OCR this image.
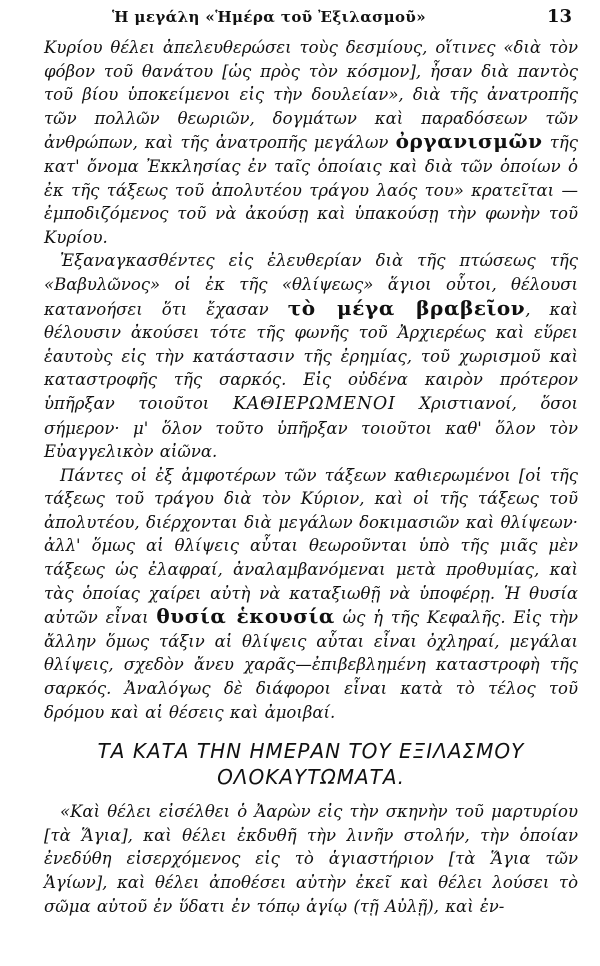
Ἡ μεγάλη «Ἡμέρα τοῦ Ἐξιλασμοῦ»	13

Κυρίου θέλει ἀπελευθερώσει τοὺς δεσμίους, οἵτινες «διὰ τὸν φόβον τοῦ θανάτου [ὡς πρὸς τὸν κόσμον], ἦσαν διὰ παντὸς τοῦ βίου ὑποκείμενοι εἰς τὴν δουλείαν», διὰ τῆς ἀνατροπῆς τῶν πολλῶν θεωριῶν, δογμάτων καὶ παραδόσεων τῶν ἀνθρώπων, καὶ τῆς ἀνατροπῆς μεγάλων ὀργανισμῶν τῆς κατ' ὄνομα Ἐκκλησίας ἐν ταῖς ὁποίαις καὶ διὰ τῶν ὁποίων ὁ ἐκ τῆς τάξεως τοῦ ἀπολυτέου τράγου λαός του» κρατεῖται —ἐμποδιζόμενος τοῦ νὰ ἀκούσῃ καὶ ὑπακούσῃ τὴν φωνὴν τοῦ Κυρίου.

Ἐξαναγκασθέντες εἰς ἐλευθερίαν διὰ τῆς πτώσεως τῆς «Βαβυλῶνος» οἱ ἐκ τῆς «θλίψεως» ἅγιοι οὗτοι, θέλουσι κατανοήσει ὅτι ἔχασαν τὸ μέγα βραβεῖον, καὶ θέλουσιν ἀκούσει τότε τῆς φωνῆς τοῦ Ἀρχιερέως καὶ εὕρει ἑαυτοὺς εἰς τὴν κατάστασιν τῆς ἐρημίας, τοῦ χωρισμοῦ καὶ καταστροφῆς τῆς σαρκός. Εἰς οὐδένα καιρὸν πρότερον ὑπῆρξαν τοιοῦτοι ΚΑΘΙΕΡΩΜΕΝΟΙ Χριστιανοί, ὅσοι σήμερον· μ' ὅλον τοῦτο ὑπῆρξαν τοιοῦτοι καθ' ὅλον τὸν Εὐαγγελικὸν αἰῶνα.

Πάντες οἱ ἐξ ἀμφοτέρων τῶν τάξεων καθιερωμένοι [οἱ τῆς τάξεως τοῦ τράγου διὰ τὸν Κύριον, καὶ οἱ τῆς τάξεως τοῦ ἀπολυτέου, διέρχονται διὰ μεγάλων δοκιμασιῶν καὶ θλίψεων· ἀλλ' ὅμως αἱ θλίψεις αὗται θεωροῦνται ὑπὸ τῆς μιᾶς μὲν τάξεως ὡς ἐλαφραί, ἀναλαμβανόμεναι μετὰ προθυμίας, καὶ τὰς ὁποίας χαίρει αὐτὴ νὰ καταξιωθῇ νὰ ὑποφέρῃ. Ἡ θυσία αὐτῶν εἶναι θυσία ἑκουσία ὡς ἡ τῆς Κεφαλῆς. Εἰς τὴν ἄλλην ὅμως τάξιν αἱ θλίψεις αὗται εἶναι ὀχληραί, μεγάλαι θλίψεις, σχεδὸν ἄνευ χαρᾶς—ἐπιβεβλημένη καταστροφὴ τῆς σαρκός. Ἀναλόγως δὲ διάφοροι εἶναι κατὰ τὸ τέλος τοῦ δρόμου καὶ αἱ θέσεις καὶ ἀμοιβαί.

ΤΑ ΚΑΤΑ ΤΗΝ ΗΜΕΡΑΝ ΤΟΥ ΕΞΙΛΑΣΜΟΥ
ΟΛΟΚΑΥΤΩΜΑΤΑ.

«Καὶ θέλει εἰσέλθει ὁ Ἀαρὼν εἰς τὴν σκηνὴν τοῦ μαρτυρίου [τὰ Ἅγια], καὶ θέλει ἐκδυθῆ τὴν λινῆν στολήν, τὴν ὁποίαν ἐνεδύθη εἰσερχόμενος εἰς τὸ ἁγιαστήριον [τὰ Ἅγια τῶν Ἁγίων], καὶ θέλει ἀποθέσει αὐτὴν ἐκεῖ καὶ θέλει λούσει τὸ σῶμα αὐτοῦ ἐν ὕδατι ἐν τόπῳ ἁγίῳ (τῇ Αὐλῇ), καὶ ἐν-
